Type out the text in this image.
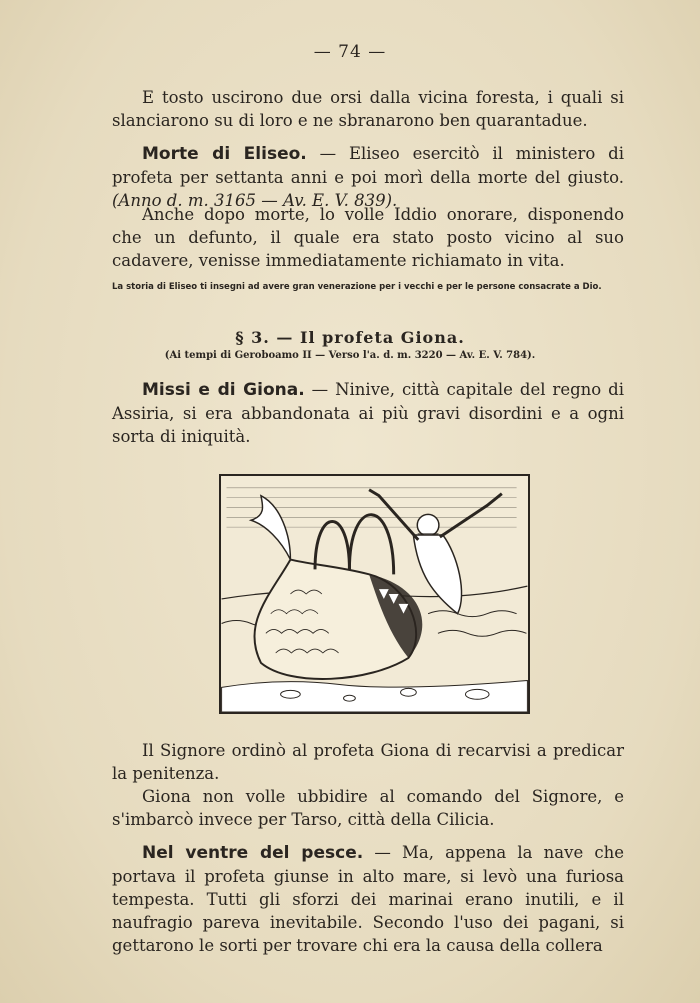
— 74 —

E tosto uscirono due orsi dalla vicina foresta, i quali si slanciarono su di loro e ne sbranarono ben quarantadue.

Morte di Eliseo. — Eliseo esercitò il ministero di profeta per settanta anni e poi morì della morte del giusto. (Anno d. m. 3165 — Av. E. V. 839).

Anche dopo morte, lo volle Iddio onorare, disponendo che un defunto, il quale era stato posto vicino al suo cadavere, venisse immediatamente richiamato in vita.

La storia di Eliseo ti insegni ad avere gran venerazione per i vecchi e per le persone consacrate a Dio.
§ 3. — Il profeta Giona.
(Ai tempi di Geroboamo II — Verso l'a. d. m. 3220 — Av. E. V. 784).

Missi e di Giona. — Ninive, città capitale del regno di Assiria, si era abbandonata ai più gravi disordini e a ogni sorta di iniquità.

Il Signore ordinò al profeta Giona di recarvisi a predicar la penitenza.

Giona non volle ubbidire al comando del Signore, e s'imbarcò invece per Tarso, città della Cilicia.

Nel ventre del pesce. — Ma, appena la nave che portava il profeta giunse in alto mare, si levò una furiosa tempesta. Tutti gli sforzi dei marinai erano inutili, e il naufragio pareva inevitabile. Secondo l'uso dei pagani, si gettarono le sorti per trovare chi era la causa della collera
